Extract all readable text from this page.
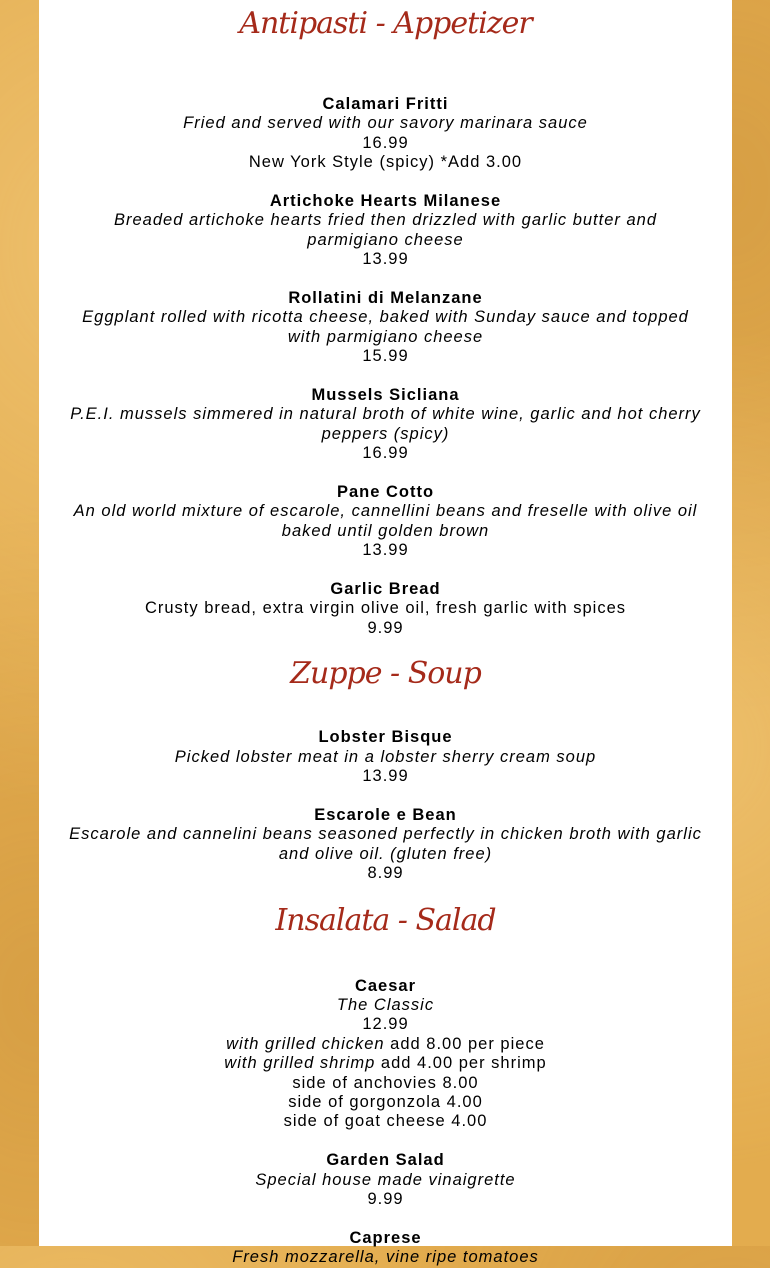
Antipasti - Appetizer
Calamari Fritti
Fried and served with our savory marinara sauce
16.99
New York Style (spicy) *Add 3.00
Artichoke Hearts Milanese
Breaded artichoke hearts fried then drizzled with garlic butter and parmigiano cheese
13.99
Rollatini di Melanzane
Eggplant rolled with ricotta cheese, baked with Sunday sauce and topped with parmigiano cheese
15.99
Mussels Sicliana
P.E.I. mussels simmered in natural broth of white wine, garlic and hot cherry peppers (spicy)
16.99
Pane Cotto
An old world mixture of escarole, cannellini beans and freselle with olive oil baked until golden brown
13.99
Garlic Bread
Crusty bread, extra virgin olive oil, fresh garlic with spices
9.99
Zuppe - Soup
Lobster Bisque
Picked lobster meat in a lobster sherry cream soup
13.99
Escarole e Bean
Escarole and cannelini beans seasoned perfectly in chicken broth with garlic and olive oil. (gluten free)
8.99
Insalata - Salad
Caesar
The Classic
12.99
with grilled chicken add 8.00 per piece
with grilled shrimp add 4.00 per shrimp
side of anchovies 8.00
side of gorgonzola 4.00
side of goat cheese 4.00
Garden Salad
Special house made vinaigrette
9.99
Caprese
Fresh mozzarella, vine ripe tomatoes
